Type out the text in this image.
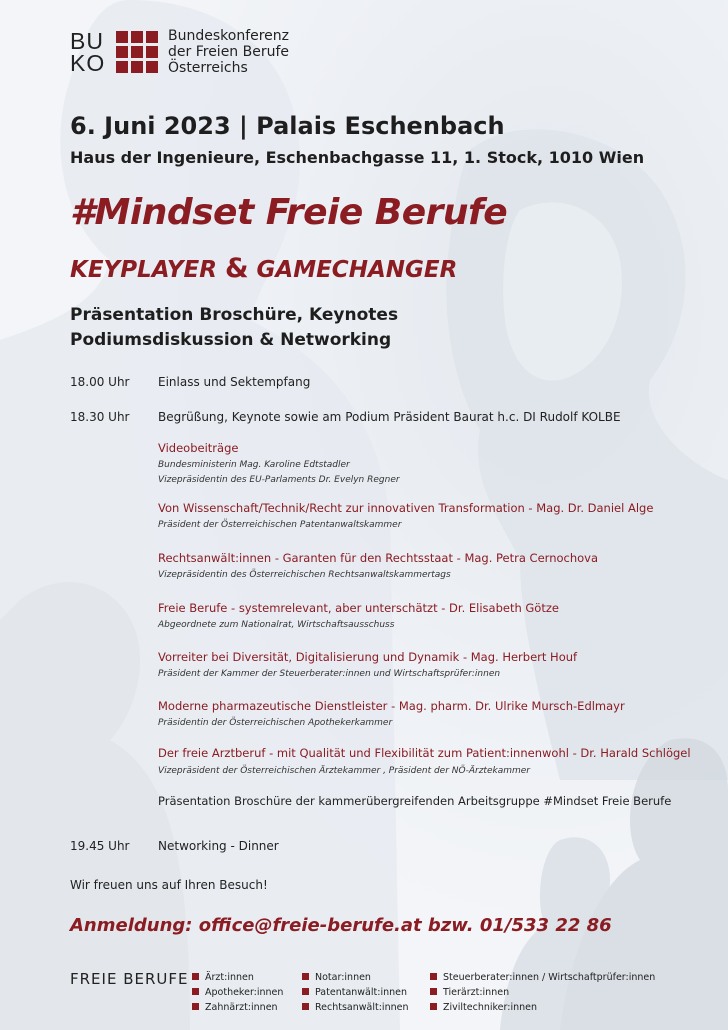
BU
KO
Bundeskonferenz
der Freien Berufe
Österreichs
6. Juni 2023 | Palais Eschenbach
Haus der Ingenieure, Eschenbachgasse 11, 1. Stock, 1010 Wien
#Mindset Freie Berufe
KEYPLAYER & GAMECHANGER
Präsentation Broschüre, Keynotes
Podiumsdiskussion & Networking
18.00 Uhr Einlass und Sektempfang
18.30 Uhr Begrüßung, Keynote sowie am Podium Präsident Baurat h.c. DI Rudolf KOLBE
Videobeiträge
Bundesministerin Mag. Karoline Edtstadler
Vizepräsidentin des EU-Parlaments Dr. Evelyn Regner
Von Wissenschaft/Technik/Recht zur innovativen Transformation - Mag. Dr. Daniel Alge
Präsident der Österreichischen Patentanwaltskammer
Rechtsanwält:innen - Garanten für den Rechtsstaat - Mag. Petra Cernochova
Vizepräsidentin des Österreichischen Rechtsanwaltskammertags
Freie Berufe - systemrelevant, aber unterschätzt - Dr. Elisabeth Götze
Abgeordnete zum Nationalrat, Wirtschaftsausschuss
Vorreiter bei Diversität, Digitalisierung und Dynamik - Mag. Herbert Houf
Präsident der Kammer der Steuerberater:innen und Wirtschaftsprüfer:innen
Moderne pharmazeutische Dienstleister - Mag. pharm. Dr. Ulrike Mursch-Edlmayr
Präsidentin der Österreichischen Apothekerkammer
Der freie Arztberuf - mit Qualität und Flexibilität zum Patient:innenwohl - Dr. Harald Schlögel
Vizepräsident der Österreichischen Ärztekammer , Präsident der NÖ-Ärztekammer
Präsentation Broschüre der kammerübergreifenden Arbeitsgruppe #Mindset Freie Berufe
19.45 Uhr Networking - Dinner
Wir freuen uns auf Ihren Besuch!
Anmeldung: office@freie-berufe.at bzw. 01/533 22 86
FREIE BERUFE	Ärzt:innen
Apotheker:innen
Zahnärzt:innen
Notar:innen
Patentanwält:innen
Rechtsanwält:innen
Steuerberater:innen / Wirtschaftprüfer:innen
Tierärzt:innen
Ziviltechniker:innen
